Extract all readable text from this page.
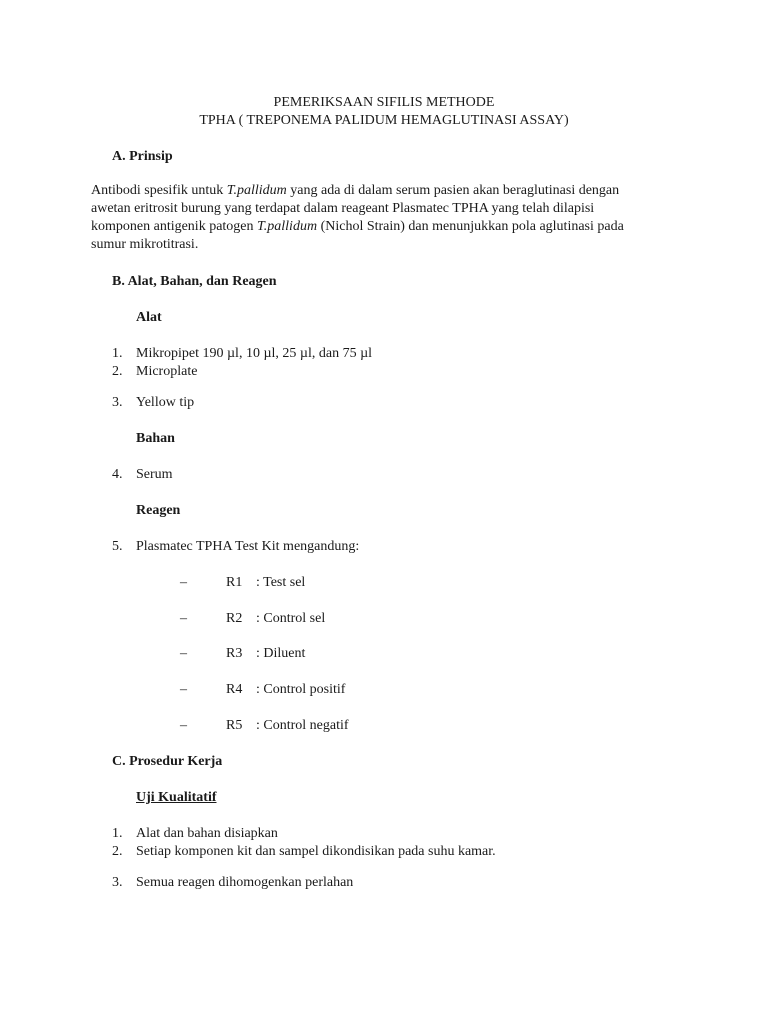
PEMERIKSAAN SIFILIS METHODE
TPHA ( TREPONEMA PALIDUM HEMAGLUTINASI ASSAY)
A. Prinsip

Antibodi spesifik untuk T.pallidum yang ada di dalam serum pasien akan beraglutinasi dengan

awetan eritrosit burung yang terdapat dalam reageant Plasmatec TPHA yang telah dilapisi

komponen antigenik patogen T.pallidum (Nichol Strain) dan menunjukkan pola aglutinasi pada

sumur mikrotitrasi.

B. Alat, Bahan, dan Reagen
Alat
1. Mikropipet 190 µl, 10 µl, 25 µl, dan 75 µl
2. Microplate
3. Yellow tip
Bahan
4. Serum
Reagen
5. Plasmatec TPHA Test Kit mengandung:
–	R1 : Test sel
–	R2 : Control sel
–	R3 : Diluent
–	R4 : Control positif
–	R5 : Control negatif
C. Prosedur Kerja
Uji Kualitatif
1. Alat dan bahan disiapkan
2. Setiap komponen kit dan sampel dikondisikan pada suhu kamar.
3. Semua reagen dihomogenkan perlahan
